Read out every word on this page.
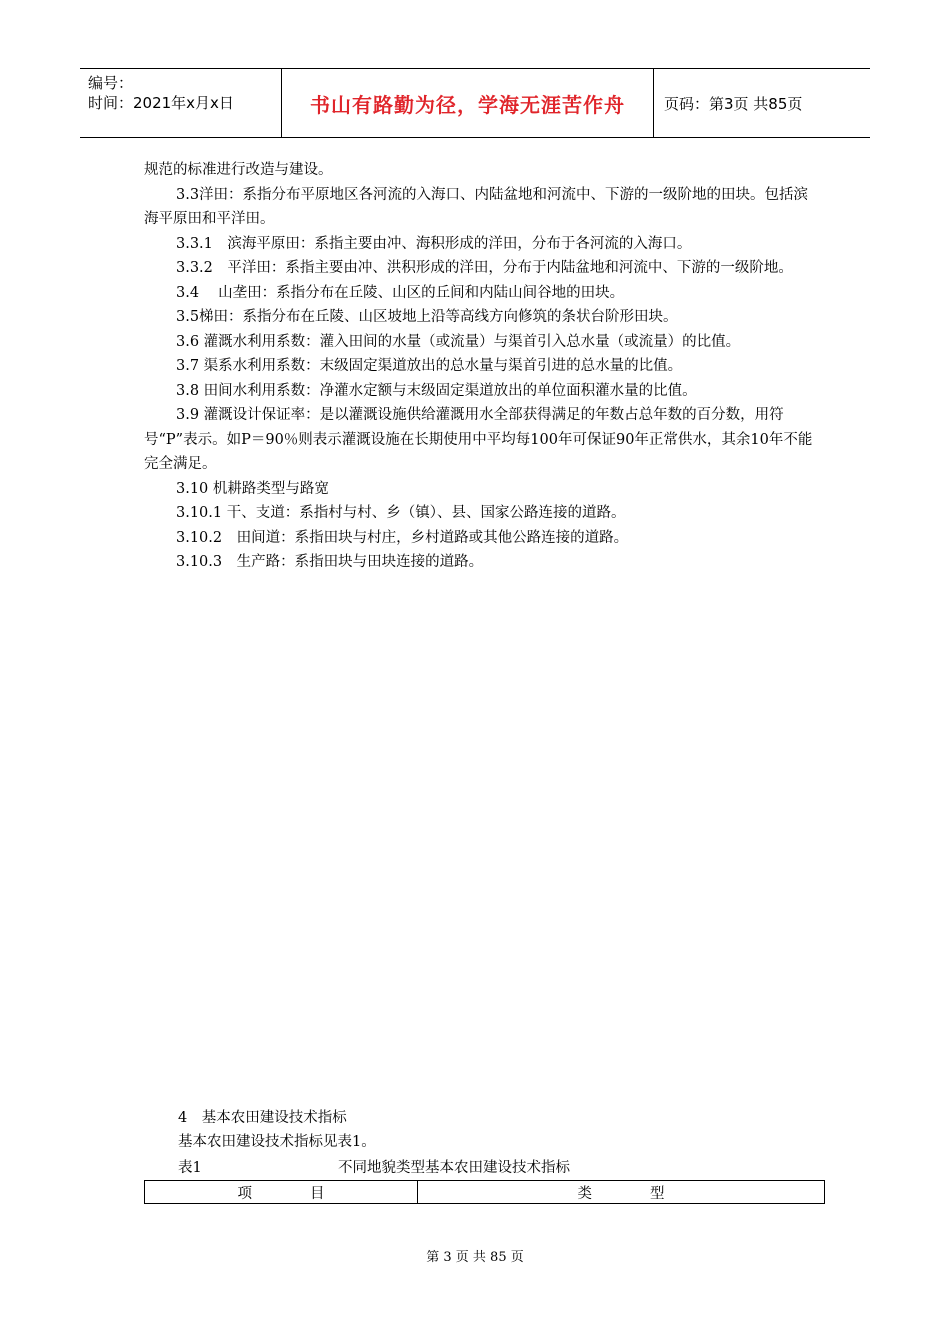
编号：
时间：2021年x月x日	书山有路勤为径，学海无涯苦作舟	页码：第3页 共85页

规范的标准进行改造与建设。

3.3洋田：系指分布平原地区各河流的入海口、内陆盆地和河流中、下游的一级阶地的田块。包括滨海平原田和平洋田。

3.3.1　滨海平原田：系指主要由冲、海积形成的洋田，分布于各河流的入海口。

3.3.2　平洋田：系指主要由冲、洪积形成的洋田，分布于内陆盆地和河流中、下游的一级阶地。

3.4　 山垄田：系指分布在丘陵、山区的丘间和内陆山间谷地的田块。

3.5梯田：系指分布在丘陵、山区坡地上沿等高线方向修筑的条状台阶形田块。

3.6 灌溉水利用系数：灌入田间的水量（或流量）与渠首引入总水量（或流量）的比值。

3.7 渠系水利用系数：末级固定渠道放出的总水量与渠首引进的总水量的比值。

3.8 田间水利用系数：净灌水定额与末级固定渠道放出的单位面积灌水量的比值。

3.9 灌溉设计保证率：是以灌溉设施供给灌溉用水全部获得满足的年数占总年数的百分数，用符号“P”表示。如P＝90％则表示灌溉设施在长期使用中平均每100年可保证90年正常供水，其余10年不能完全满足。

3.10 机耕路类型与路宽

3.10.1 干、支道：系指村与村、乡（镇）、县、国家公路连接的道路。

3.10.2　田间道：系指田块与村庄，乡村道路或其他公路连接的道路。

3.10.3　生产路：系指田块与田块连接的道路。

4　基本农田建设技术指标
基本农田建设技术指标见表1。
表1	不同地貌类型基本农田建设技术指标
项　　　　目	类　　　　型
第 3 页 共 85 页
